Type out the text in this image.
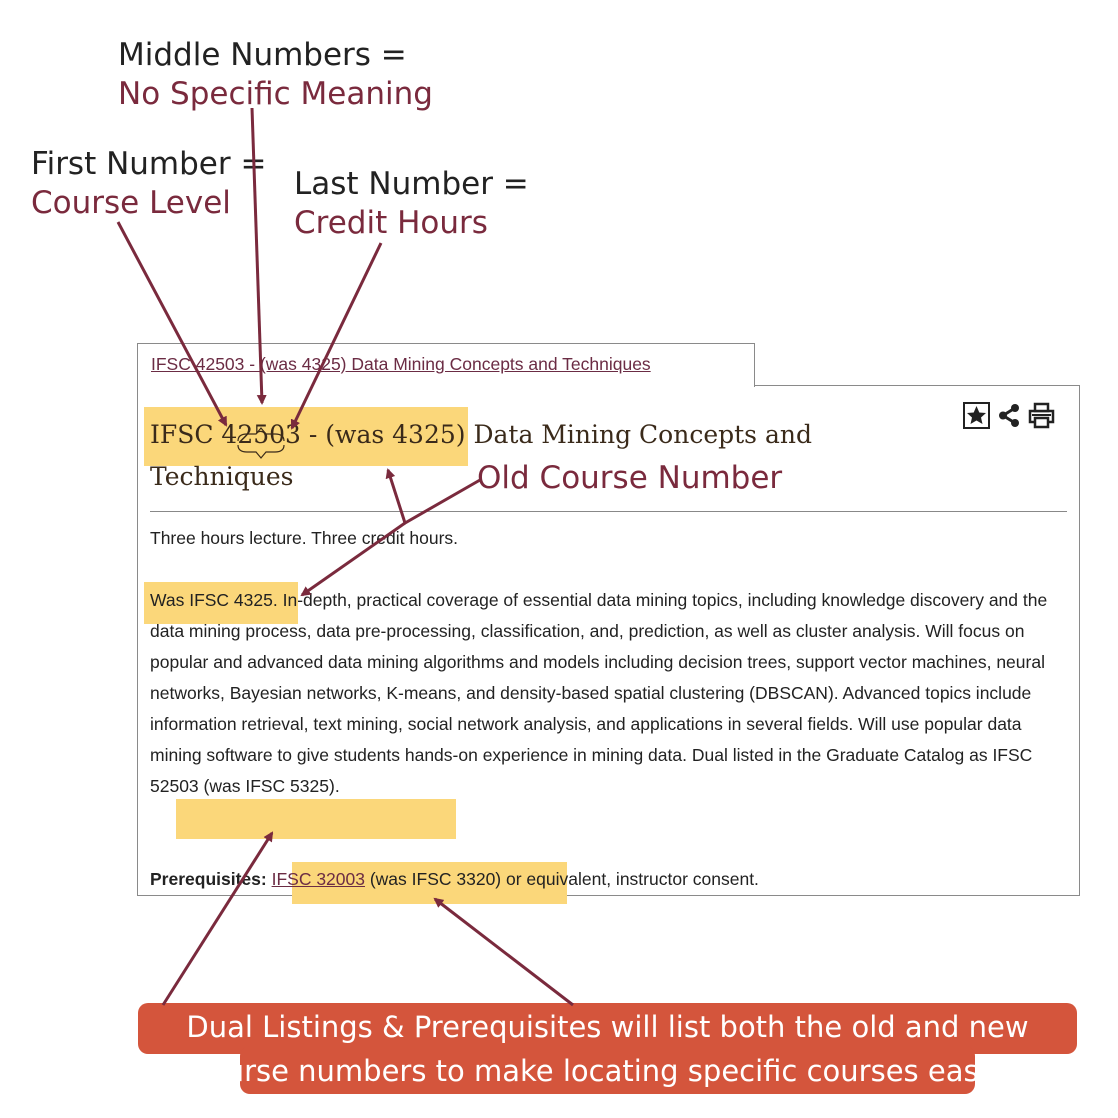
Middle Numbers =
No Specific Meaning
First Number =
Course Level
Last Number =
Credit Hours
IFSC 42503 - (was 4325) Data Mining Concepts and Techniques
IFSC 42503 - (was 4325) Data Mining Concepts and Techniques	Old Course Number
Three hours lecture. Three credit hours.
Was IFSC 4325. In-depth, practical coverage of essential data mining topics, including knowledge discovery and the data mining process, data pre-processing, classification, and, prediction, as well as cluster analysis. Will focus on popular and advanced data mining algorithms and models including decision trees, support vector machines, neural networks, Bayesian networks, K-means, and density-based spatial clustering (DBSCAN). Advanced topics include information retrieval, text mining, social network analysis, and applications in several fields. Will use popular data mining software to give students hands-on experience in mining data. Dual listed in the Graduate Catalog as IFSC 52503 (was IFSC 5325).
Prerequisites: IFSC 32003 (was IFSC 3320) or equivalent, instructor consent.
Dual Listings & Prerequisites will list both the old and new course numbers to make locating specific courses easier.
